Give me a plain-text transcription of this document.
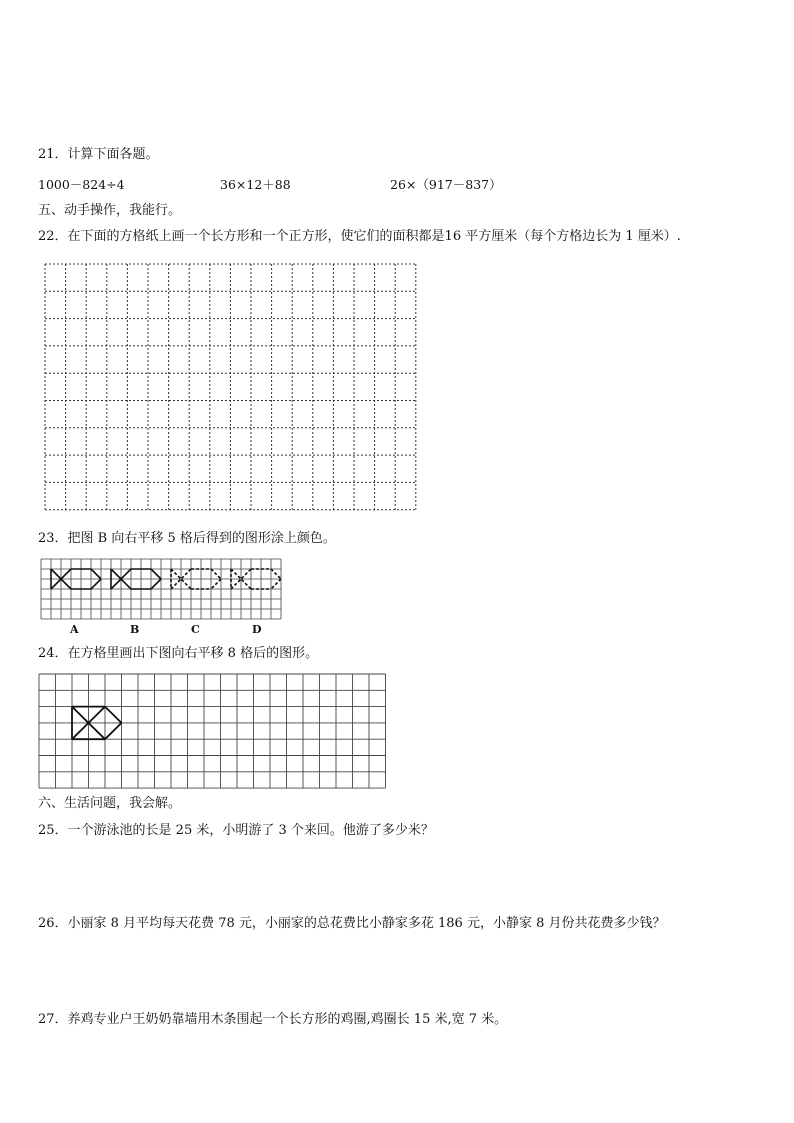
21．计算下面各题。
1000－824÷4	36×12＋88	26×（917－837）
五、动手操作，我能行。
22．在下面的方格纸上画一个长方形和一个正方形，使它们的面积都是16 平方厘米（每个方格边长为 1 厘米）.
23．把图 B 向右平移 5 格后得到的图形涂上颜色。
A	B	C	D
24．在方格里画出下图向右平移 8 格后的图形。
六、生活问题，我会解。
25．一个游泳池的长是 25 米，小明游了 3 个来回。他游了多少米？
26．小丽家 8 月平均每天花费 78 元，小丽家的总花费比小静家多花 186 元，小静家 8 月份共花费多少钱？
27．养鸡专业户王奶奶靠墙用木条围起一个长方形的鸡圈,鸡圈长 15 米,宽 7 米。
